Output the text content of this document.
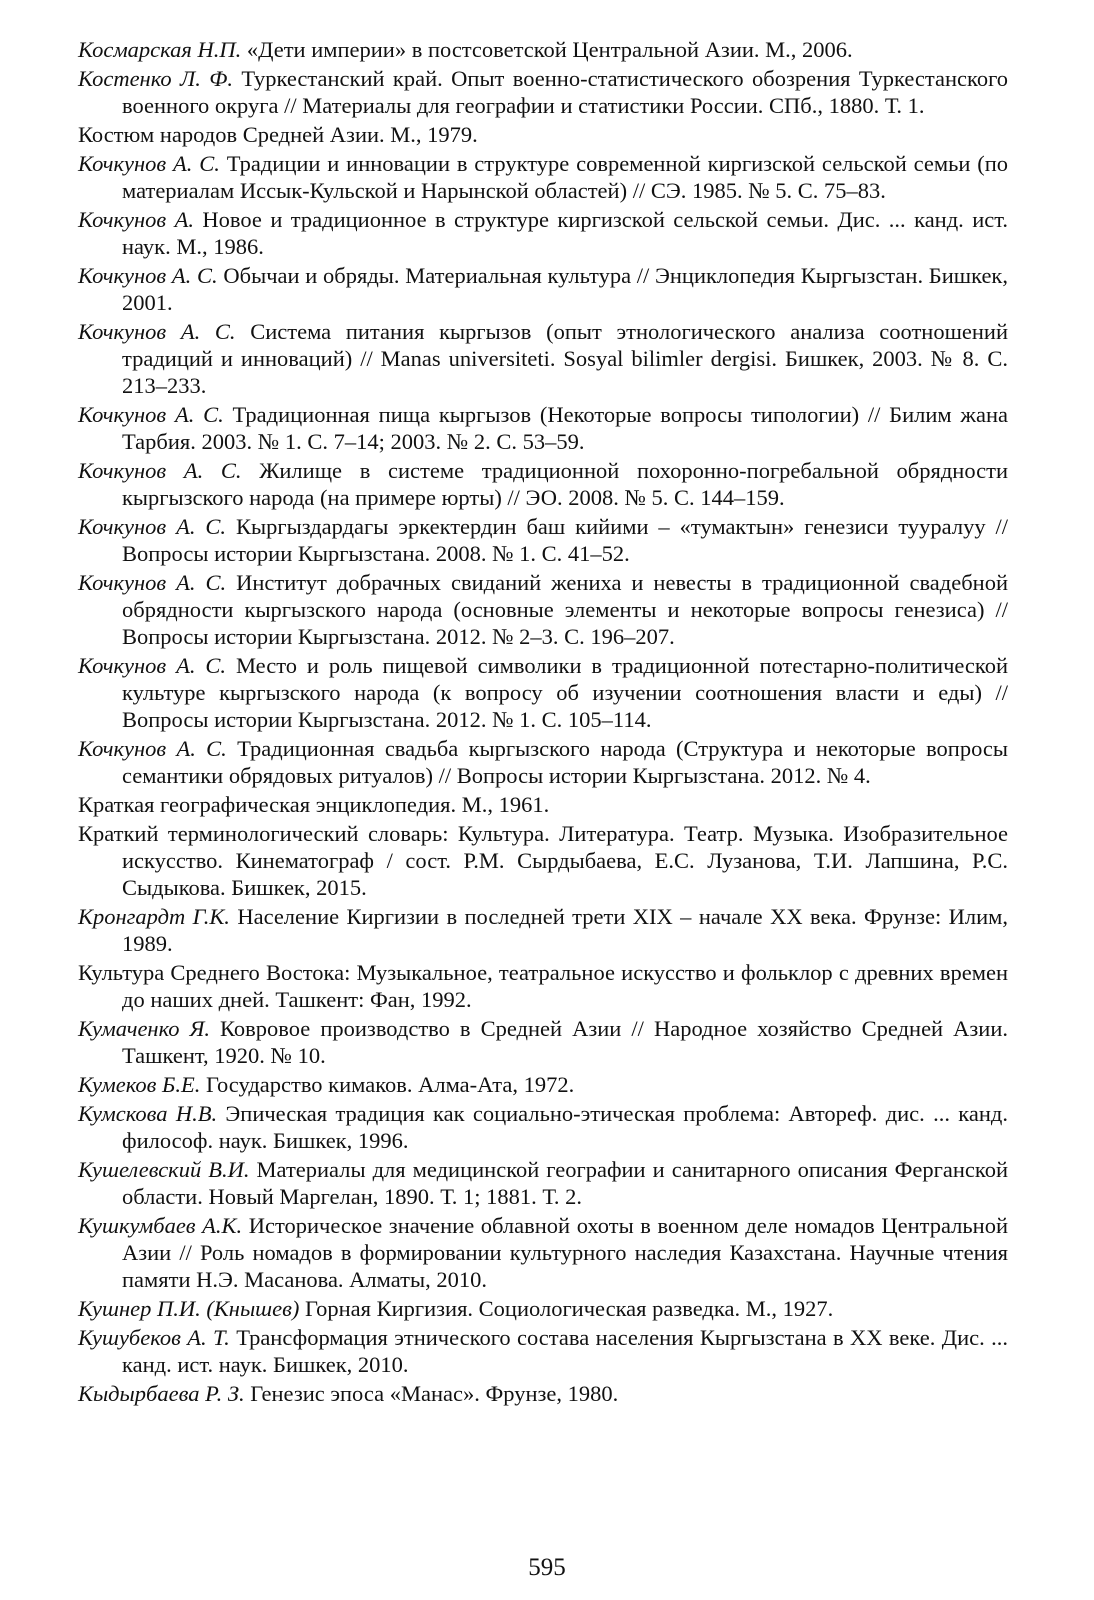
Космарская Н.П. «Дети империи» в постсоветской Центральной Азии. М., 2006.

Костенко Л. Ф. Туркестанский край. Опыт военно-статистического обозрения Туркестанского военного округа // Материалы для географии и статистики России. СПб., 1880. Т. 1.

Костюм народов Средней Азии. М., 1979.

Кочкунов А. С. Традиции и инновации в структуре современной киргизской сельской семьи (по материалам Иссык-Кульской и Нарынской областей) // СЭ. 1985. № 5. С. 75–83.

Кочкунов А. Новое и традиционное в структуре киргизской сельской семьи. Дис. ... канд. ист. наук. М., 1986.

Кочкунов А. С. Обычаи и обряды. Материальная культура // Энциклопедия Кыргызстан. Бишкек, 2001.

Кочкунов А. С. Система питания кыргызов (опыт этнологического анализа соотношений традиций и инноваций) // Manas universiteti. Sosyal bilimler dergisi. Бишкек, 2003. № 8. С. 213–233.

Кочкунов А. С. Традиционная пища кыргызов (Некоторые вопросы типологии) // Билим жана Тарбия. 2003. № 1. С. 7–14; 2003. № 2. С. 53–59.

Кочкунов А. С. Жилище в системе традиционной похоронно-погребальной обрядности кыргызского народа (на примере юрты) // ЭО. 2008. № 5. С. 144–159.

Кочкунов А. С. Кыргыздардагы эркектердин баш кийими – «тумактын» генезиси тууралуу // Вопросы истории Кыргызстана. 2008. № 1. С. 41–52.

Кочкунов А. С. Институт добрачных свиданий жениха и невесты в традиционной свадебной обрядности кыргызского народа (основные элементы и некоторые вопросы генезиса) // Вопросы истории Кыргызстана. 2012. № 2–3. С. 196–207.

Кочкунов А. С. Место и роль пищевой символики в традиционной потестарно-политической культуре кыргызского народа (к вопросу об изучении соотношения власти и еды) // Вопросы истории Кыргызстана. 2012. № 1. С. 105–114.

Кочкунов А. С. Традиционная свадьба кыргызского народа (Структура и некоторые вопросы семантики обрядовых ритуалов) // Вопросы истории Кыргызстана. 2012. № 4.

Краткая географическая энциклопедия. М., 1961.

Краткий терминологический словарь: Культура. Литература. Театр. Музыка. Изобразительное искусство. Кинематограф / сост. Р.М. Сырдыбаева, Е.С. Лузанова, Т.И. Лапшина, Р.С. Сыдыкова. Бишкек, 2015.

Кронгардт Г.К. Население Киргизии в последней трети XIX – начале XX века. Фрунзе: Илим, 1989.

Культура Среднего Востока: Музыкальное, театральное искусство и фольклор с древних времен до наших дней. Ташкент: Фан, 1992.

Кумаченко Я. Ковровое производство в Средней Азии // Народное хозяйство Средней Азии. Ташкент, 1920. № 10.

Кумеков Б.Е. Государство кимаков. Алма-Ата, 1972.

Кумскова Н.В. Эпическая традиция как социально-этическая проблема: Автореф. дис. ... канд. философ. наук. Бишкек, 1996.

Кушелевский В.И. Материалы для медицинской географии и санитарного описания Ферганской области. Новый Маргелан, 1890. Т. 1; 1881. Т. 2.

Кушкумбаев А.К. Историческое значение облавной охоты в военном деле номадов Центральной Азии // Роль номадов в формировании культурного наследия Казахстана. Научные чтения памяти Н.Э. Масанова. Алматы, 2010.

Кушнер П.И. (Кнышев) Горная Киргизия. Социологическая разведка. М., 1927.

Кушубеков А. Т. Трансформация этнического состава населения Кыргызстана в XX веке. Дис. ... канд. ист. наук. Бишкек, 2010.

Кыдырбаева Р. З. Генезис эпоса «Манас». Фрунзе, 1980.

595
